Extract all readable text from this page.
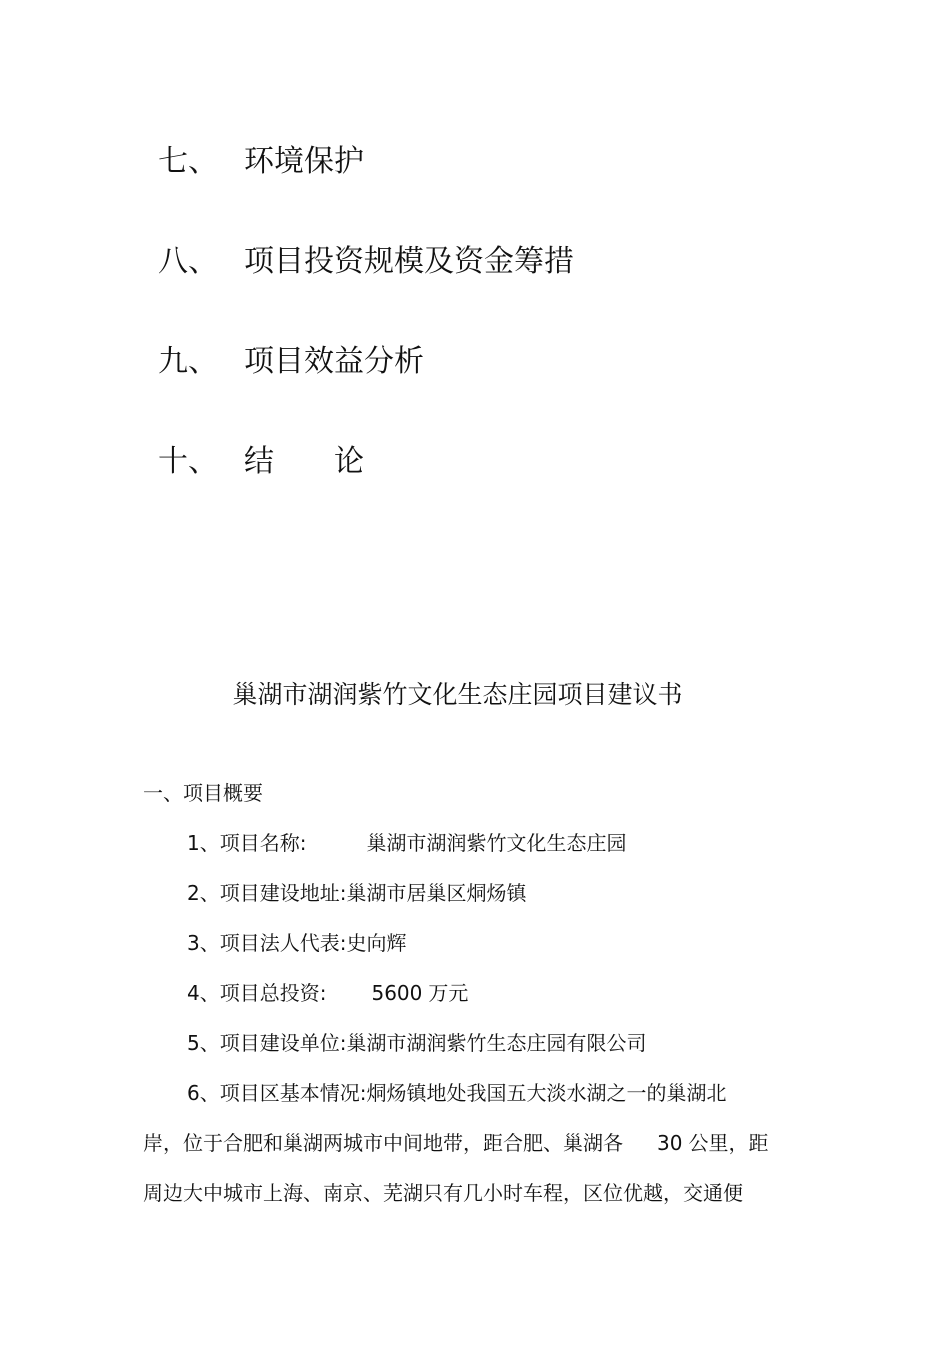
七、 环境保护
八、 项目投资规模及资金筹措
九、 项目效益分析
十、 结 论
巢湖市湖润紫竹文化生态庄园项目建议书
一、项目概要
1、项目名称:	巢湖市湖润紫竹文化生态庄园
2、项目建设地址:巢湖市居巢区烔炀镇
3、项目法人代表:史向辉
4、项目总投资: 5600 万元
5、项目建设单位:巢湖市湖润紫竹生态庄园有限公司
6、项目区基本情况:烔炀镇地处我国五大淡水湖之一的巢湖北
岸，位于合肥和巢湖两城市中间地带，距合肥、巢湖各 30 公里，距
周边大中城市上海、南京、芜湖只有几小时车程，区位优越，交通便
